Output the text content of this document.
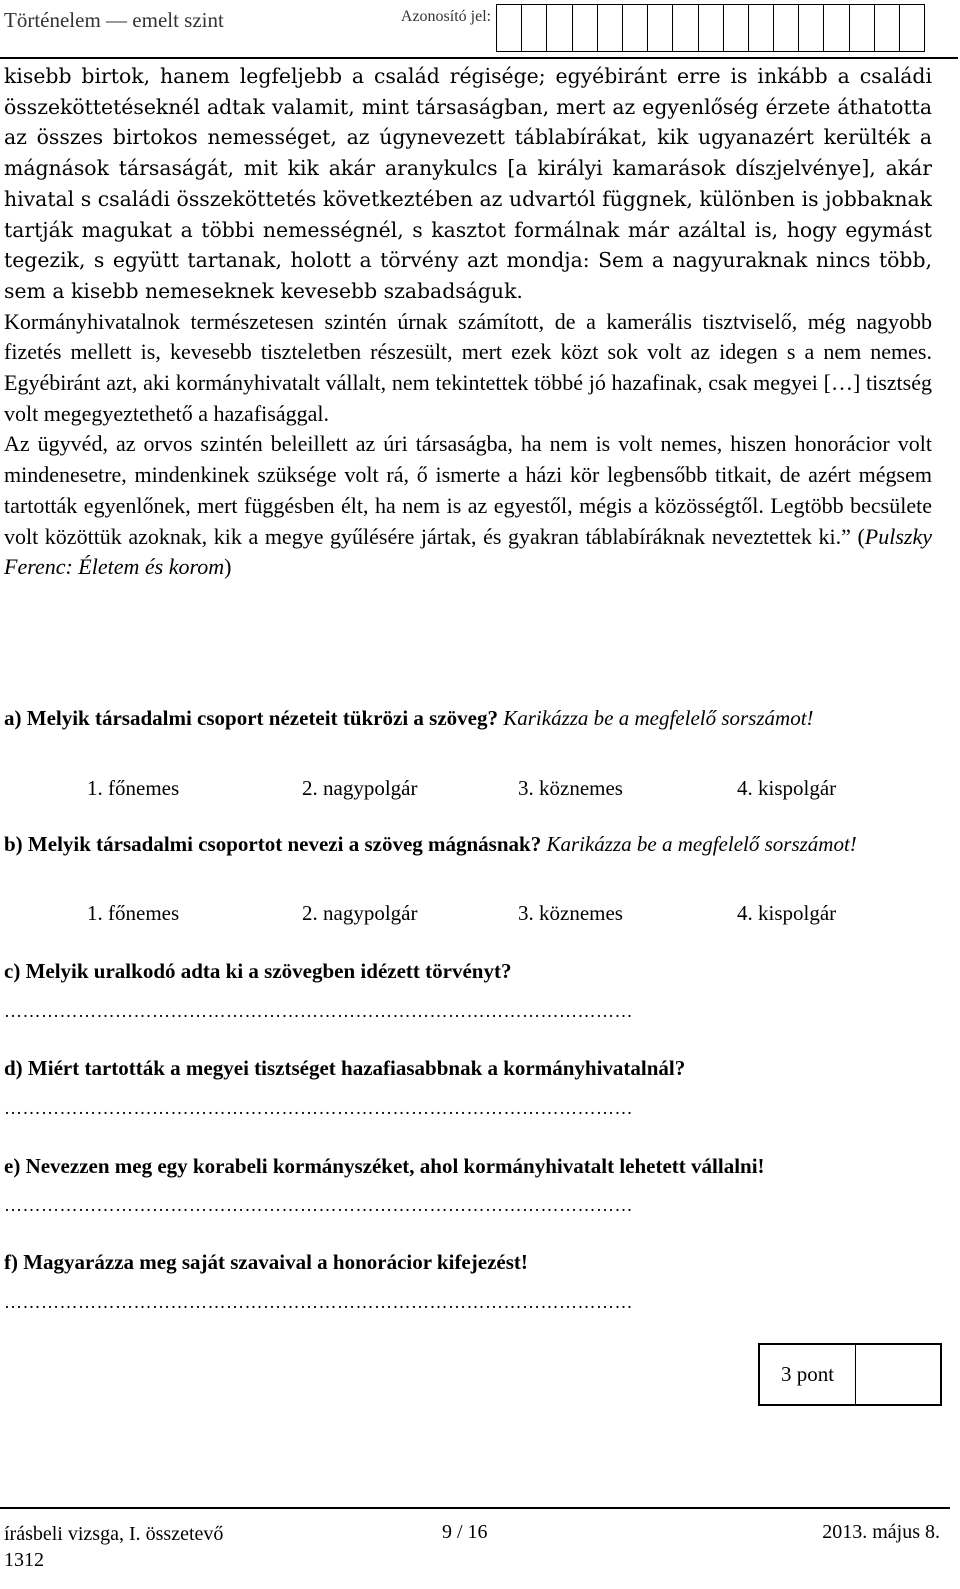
Történelem — emelt szint	Azonosító jel:

kisebb birtok, hanem legfeljebb a család régisége; egyébiránt erre is inkább a családi összeköttetéseknél adtak valamit, mint társaságban, mert az egyenlőség érzete áthatotta az összes birtokos nemességet, az úgynevezett táblabírákat, kik ugyanazért kerülték a mágnások társaságát, mit kik akár aranykulcs [a királyi kamarások díszjelvénye], akár hivatal s családi összeköttetés következtében az udvartól függnek, különben is jobbaknak tartják magukat a többi nemességnél, s kasztot formálnak már azáltal is, hogy egymást tegezik, s együtt tartanak, holott a törvény azt mondja: Sem a nagyuraknak nincs több, sem a kisebb nemeseknek kevesebb szabadságuk.

Kormányhivatalnok természetesen szintén úrnak számított, de a kamerális tisztviselő, még nagyobb fizetés mellett is, kevesebb tiszteletben részesült, mert ezek közt sok volt az idegen s a nem nemes. Egyébiránt azt, aki kormányhivatalt vállalt, nem tekintettek többé jó hazafinak, csak megyei […] tisztség volt megegyeztethető a hazafisággal.

Az ügyvéd, az orvos szintén beleillett az úri társaságba, ha nem is volt nemes, hiszen honorácior volt mindenesetre, mindenkinek szüksége volt rá, ő ismerte a házi kör legbensőbb titkait, de azért mégsem tartották egyenlőnek, mert függésben élt, ha nem is az egyestől, mégis a közösségtől. Legtöbb becsülete volt közöttük azoknak, kik a megye gyűlésére jártak, és gyakran táblabíráknak neveztettek ki.” (Pulszky Ferenc: Életem és korom)

a) Melyik társadalmi csoport nézeteit tükrözi a szöveg? Karikázza be a megfelelő sorszámot!
1. főnemes	2. nagypolgár	3. köznemes	4. kispolgár
b) Melyik társadalmi csoportot nevezi a szöveg mágnásnak? Karikázza be a megfelelő sorszámot!
1. főnemes	2. nagypolgár	3. köznemes	4. kispolgár
c) Melyik uralkodó adta ki a szövegben idézett törvényt?
…………………………………………………………………………………………
d) Miért tartották a megyei tisztséget hazafiasabbnak a kormányhivatalnál?
…………………………………………………………………………………………
e) Nevezzen meg egy korabeli kormányszéket, ahol kormányhivatalt lehetett vállalni!
…………………………………………………………………………………………
f) Magyarázza meg saját szavaival a honorácior kifejezést!
…………………………………………………………………………………………
3 pont
írásbeli vizsga, I. összetevő
1312
9 / 16	2013. május 8.
